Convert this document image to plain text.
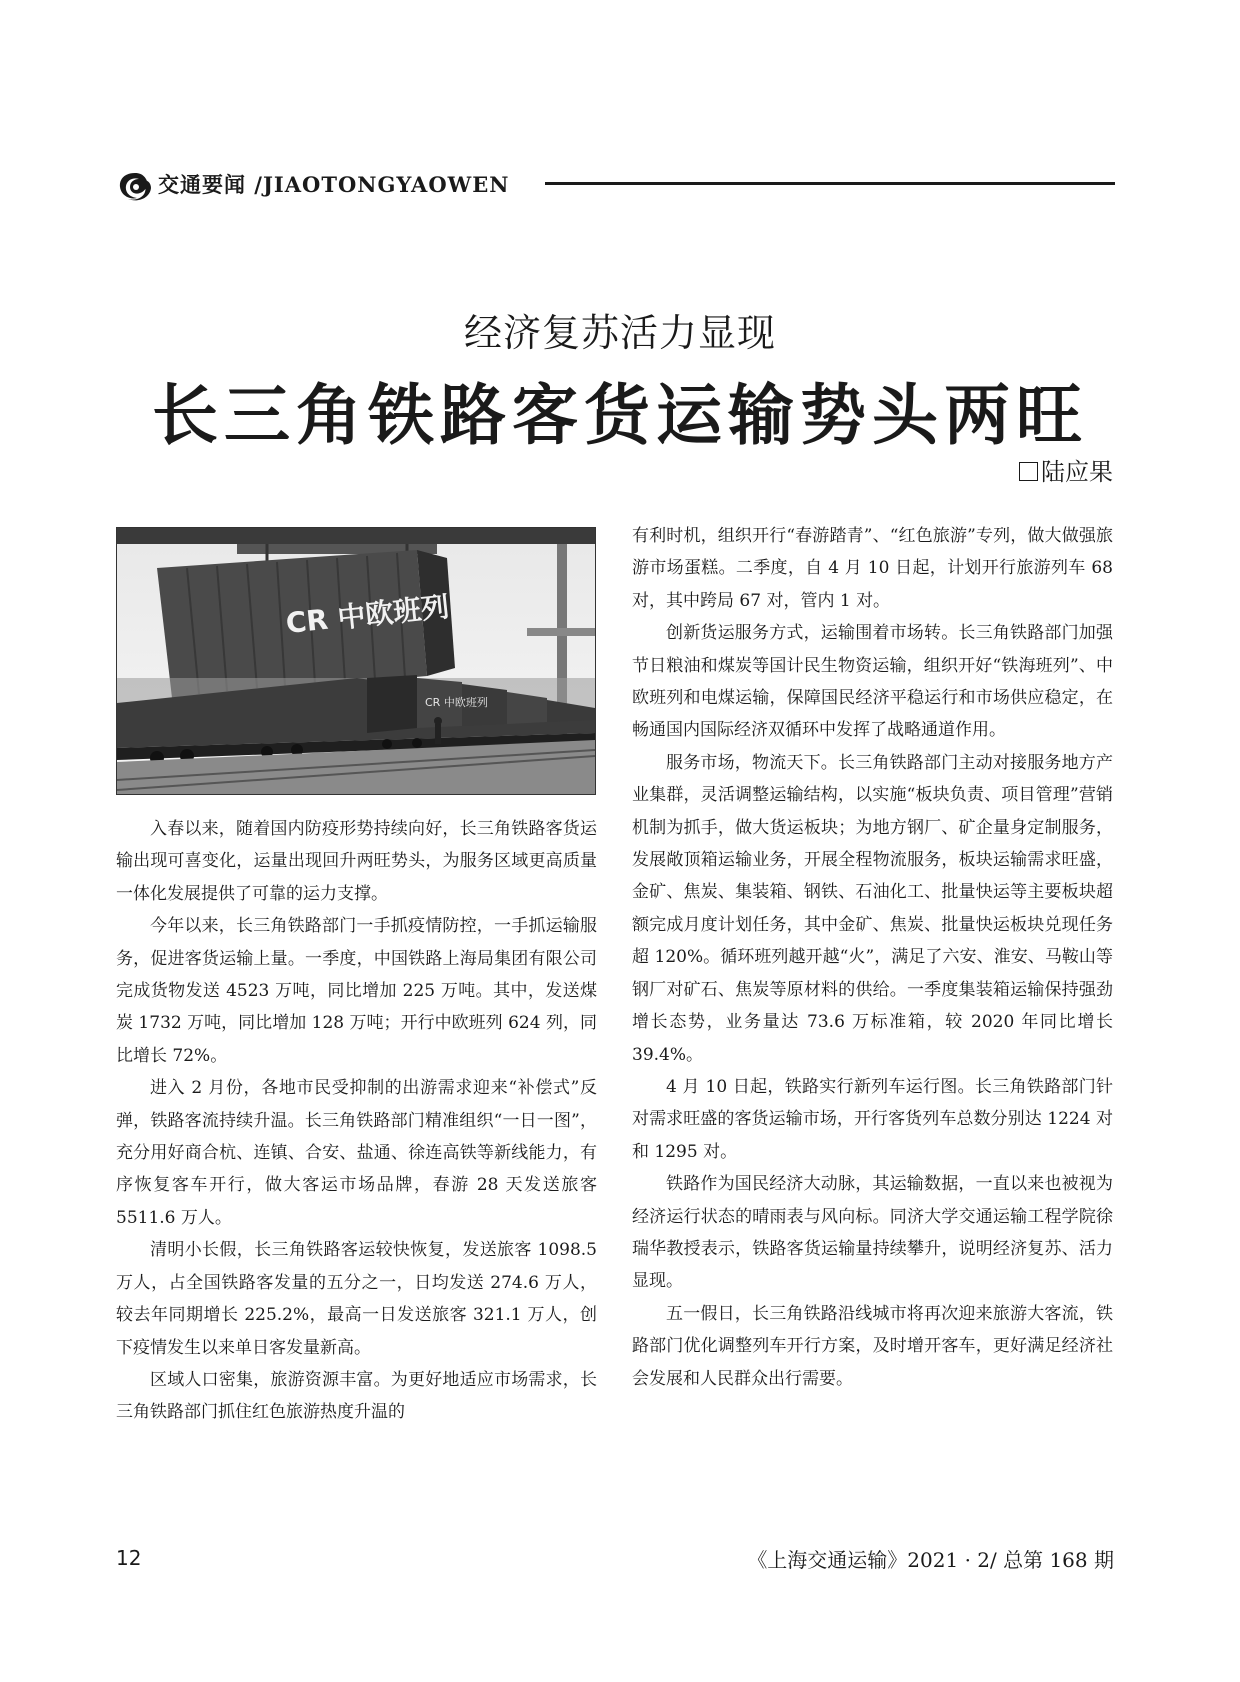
交通要闻 /JIAOTONGYAOWEN
经济复苏活力显现
长三角铁路客货运输势头两旺
陆应果
CR 中欧班列
CR 中欧班列

入春以来，随着国内防疫形势持续向好，长三角铁路客货运输出现可喜变化，运量出现回升两旺势头，为服务区域更高质量一体化发展提供了可靠的运力支撑。

今年以来，长三角铁路部门一手抓疫情防控，一手抓运输服务，促进客货运输上量。一季度，中国铁路上海局集团有限公司完成货物发送 4523 万吨，同比增加 225 万吨。其中，发送煤炭 1732 万吨，同比增加 128 万吨；开行中欧班列 624 列，同比增长 72%。

进入 2 月份，各地市民受抑制的出游需求迎来“补偿式”反弹，铁路客流持续升温。长三角铁路部门精准组织“一日一图”，充分用好商合杭、连镇、合安、盐通、徐连高铁等新线能力，有序恢复客车开行，做大客运市场品牌，春游 28 天发送旅客 5511.6 万人。

清明小长假，长三角铁路客运较快恢复，发送旅客 1098.5 万人，占全国铁路客发量的五分之一，日均发送 274.6 万人，较去年同期增长 225.2%，最高一日发送旅客 321.1 万人，创下疫情发生以来单日客发量新高。

区域人口密集，旅游资源丰富。为更好地适应市场需求，长三角铁路部门抓住红色旅游热度升温的

有利时机，组织开行“春游踏青”、“红色旅游”专列，做大做强旅游市场蛋糕。二季度，自 4 月 10 日起，计划开行旅游列车 68 对，其中跨局 67 对，管内 1 对。

创新货运服务方式，运输围着市场转。长三角铁路部门加强节日粮油和煤炭等国计民生物资运输，组织开好“铁海班列”、中欧班列和电煤运输，保障国民经济平稳运行和市场供应稳定，在畅通国内国际经济双循环中发挥了战略通道作用。

服务市场，物流天下。长三角铁路部门主动对接服务地方产业集群，灵活调整运输结构，以实施“板块负责、项目管理”营销机制为抓手，做大货运板块；为地方钢厂、矿企量身定制服务，发展敞顶箱运输业务，开展全程物流服务，板块运输需求旺盛，金矿、焦炭、集装箱、钢铁、石油化工、批量快运等主要板块超额完成月度计划任务，其中金矿、焦炭、批量快运板块兑现任务超 120%。循环班列越开越“火”，满足了六安、淮安、马鞍山等钢厂对矿石、焦炭等原材料的供给。一季度集装箱运输保持强劲增长态势，业务量达 73.6 万标准箱，较 2020 年同比增长 39.4%。

4 月 10 日起，铁路实行新列车运行图。长三角铁路部门针对需求旺盛的客货运输市场，开行客货列车总数分别达 1224 对和 1295 对。

铁路作为国民经济大动脉，其运输数据，一直以来也被视为经济运行状态的晴雨表与风向标。同济大学交通运输工程学院徐瑞华教授表示，铁路客货运输量持续攀升，说明经济复苏、活力显现。

五一假日，长三角铁路沿线城市将再次迎来旅游大客流，铁路部门优化调整列车开行方案，及时增开客车，更好满足经济社会发展和人民群众出行需要。

12	《上海交通运输》2021 · 2/ 总第 168 期
